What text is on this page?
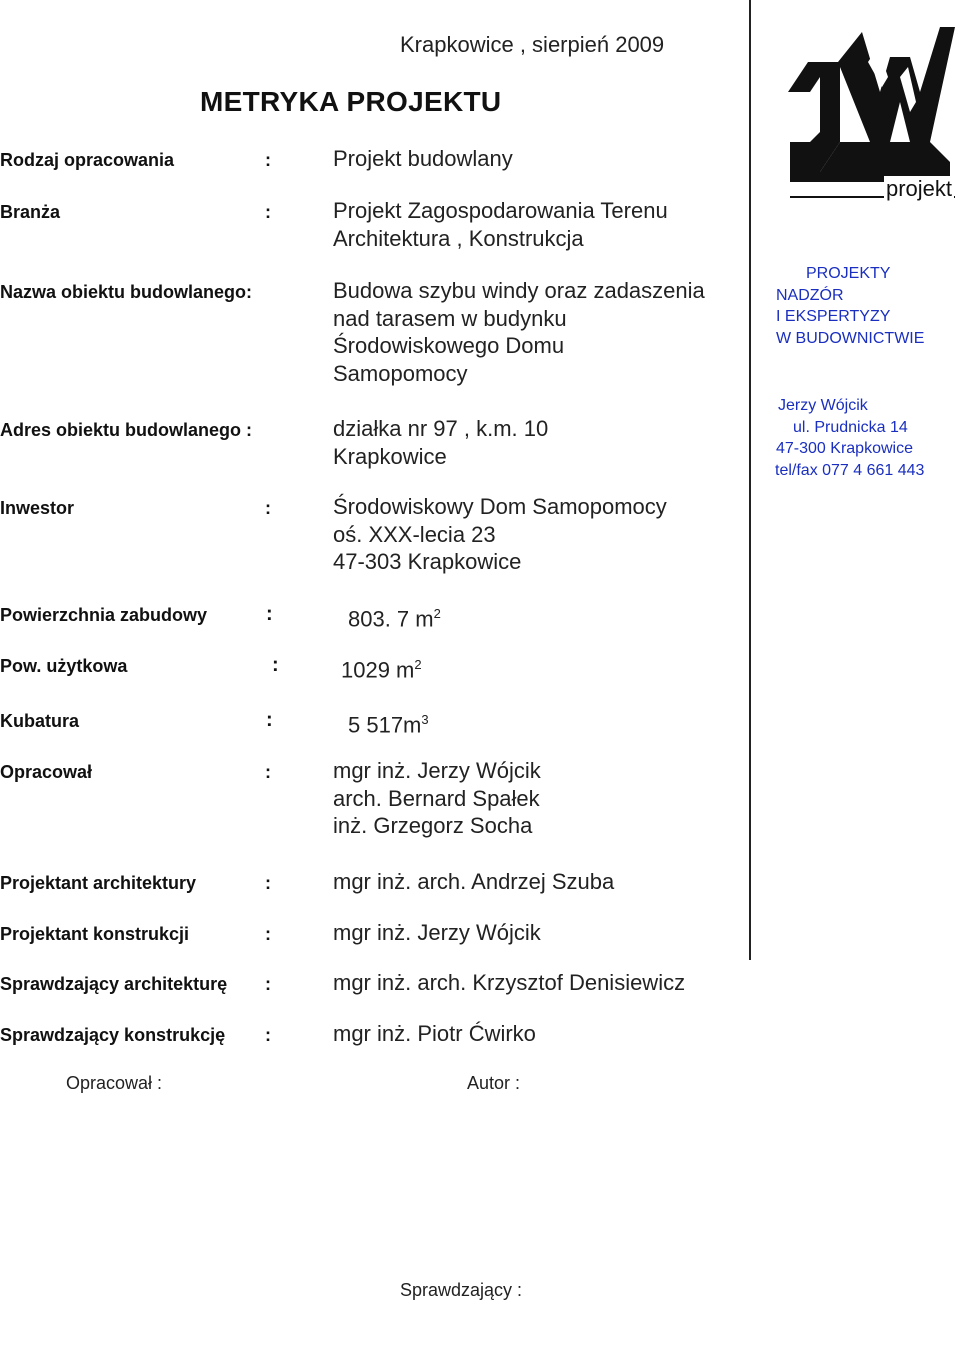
Krapkowice , sierpień 2009
METRYKA PROJEKTU
Rodzaj opracowania	:	Projekt budowlany
Branża	:	Projekt Zagospodarowania Terenu
Architektura , Konstrukcja
Nazwa obiektu budowlanego:	Budowa szybu windy oraz zadaszenia
nad tarasem w budynku
Środowiskowego Domu
Samopomocy
Adres obiektu budowlanego :	działka nr 97 , k.m. 10
Krapkowice
Inwestor	:	Środowiskowy Dom Samopomocy
oś. XXX-lecia 23
47-303 Krapkowice
Powierzchnia zabudowy	:	803. 7 $m^2$
Pow. użytkowa	:	1029 $m^2$
Kubatura	:	5 $517m^3$
Opracował	:	mgr inż. Jerzy Wójcik
arch. Bernard Spałek
inż. Grzegorz Socha
Projektant architektury	:	mgr inż. arch. Andrzej Szuba
Projektant konstrukcji	:	mgr inż. Jerzy Wójcik
Sprawdzający architekturę :	mgr inż. arch. Krzysztof Denisiewicz
Sprawdzający konstrukcję :	mgr inż. Piotr Ćwirko
Opracował :	Autor :
Sprawdzający :
projekt
PROJEKTY
NADZÓR
I EKSPERTYZY
W BUDOWNICTWIE
Jerzy Wójcik
ul. Prudnicka 14
47-300 Krapkowice
tel/fax 077 4 661 443
